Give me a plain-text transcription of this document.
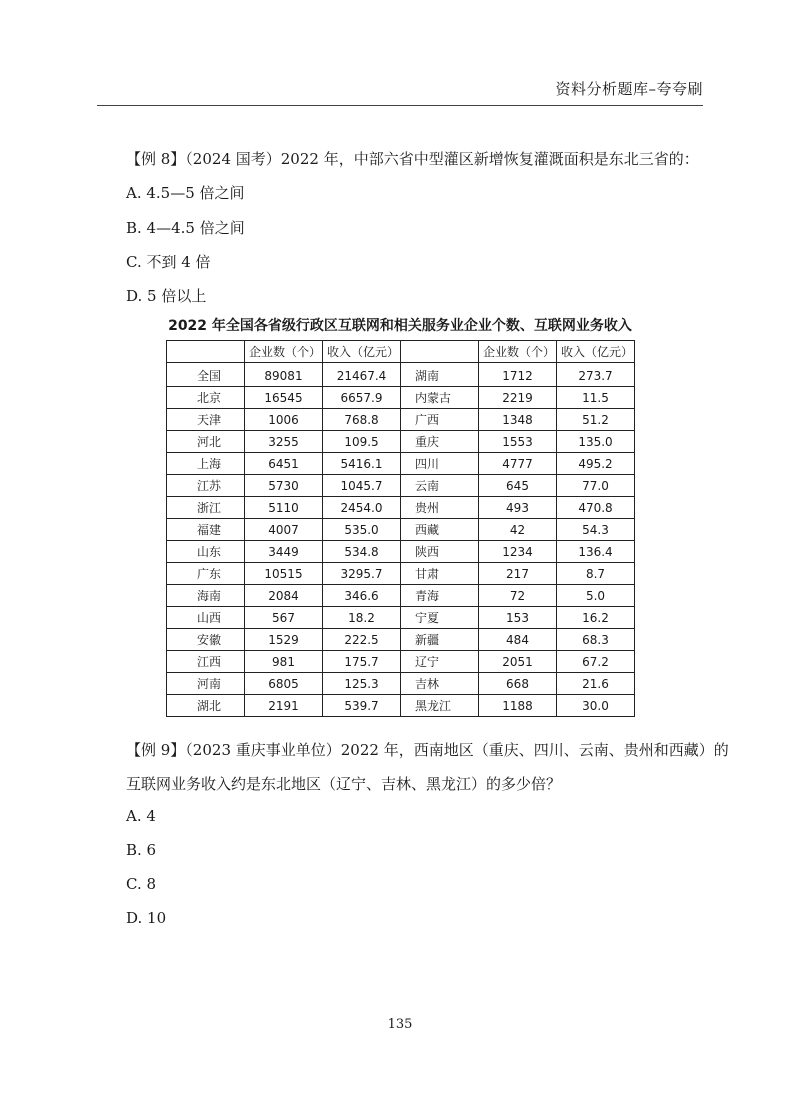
资料分析题库–夸夸刷
【例 8】（2024 国考）2022 年，中部六省中型灌区新增恢复灌溉面积是东北三省的：
A. 4.5—5 倍之间
B. 4—4.5 倍之间
C. 不到 4 倍
D. 5 倍以上
2022 年全国各省级行政区互联网和相关服务业企业个数、互联网业务收入
	企业数（个）	收入（亿元）		企业数（个）	收入（亿元）
全国	89081	21467.4	湖南	1712	273.7
北京	16545	6657.9	内蒙古	2219	11.5
天津	1006	768.8	广西	1348	51.2
河北	3255	109.5	重庆	1553	135.0
上海	6451	5416.1	四川	4777	495.2
江苏	5730	1045.7	云南	645	77.0
浙江	5110	2454.0	贵州	493	470.8
福建	4007	535.0	西藏	42	54.3
山东	3449	534.8	陕西	1234	136.4
广东	10515	3295.7	甘肃	217	8.7
海南	2084	346.6	青海	72	5.0
山西	567	18.2	宁夏	153	16.2
安徽	1529	222.5	新疆	484	68.3
江西	981	175.7	辽宁	2051	67.2
河南	6805	125.3	吉林	668	21.6
湖北	2191	539.7	黑龙江	1188	30.0
【例 9】（2023 重庆事业单位）2022 年，西南地区（重庆、四川、云南、贵州和西藏）的
互联网业务收入约是东北地区（辽宁、吉林、黑龙江）的多少倍？
A. 4
B. 6
C. 8
D. 10
135
